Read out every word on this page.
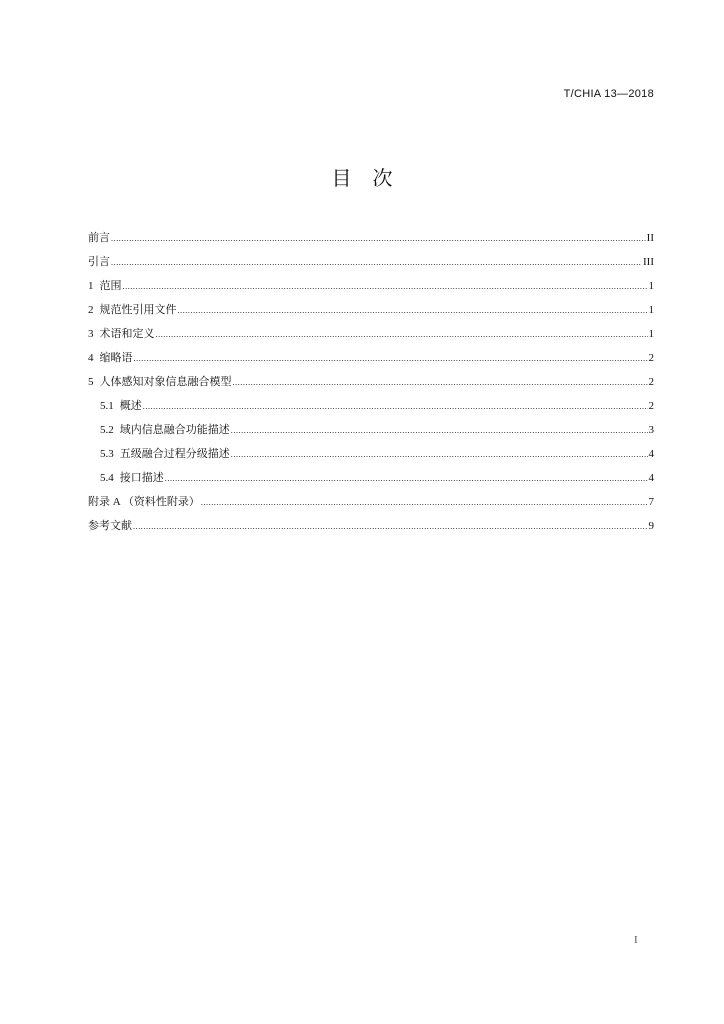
T/CHIA 13—2018
目 次
前言 .....	II
引言 .....	III
1 范围 .....	1
2 规范性引用文件 .....	1
3 术语和定义 .....	1
4 缩略语 .....	2
5 人体感知对象信息融合模型 .....	2
5.1 概述 .....	2
5.2 域内信息融合功能描述 .....	3
5.3 五级融合过程分级描述 .....	4
5.4 接口描述 .....	4
附录 A （资料性附录） .....	7
参考文献 .....	9
I
